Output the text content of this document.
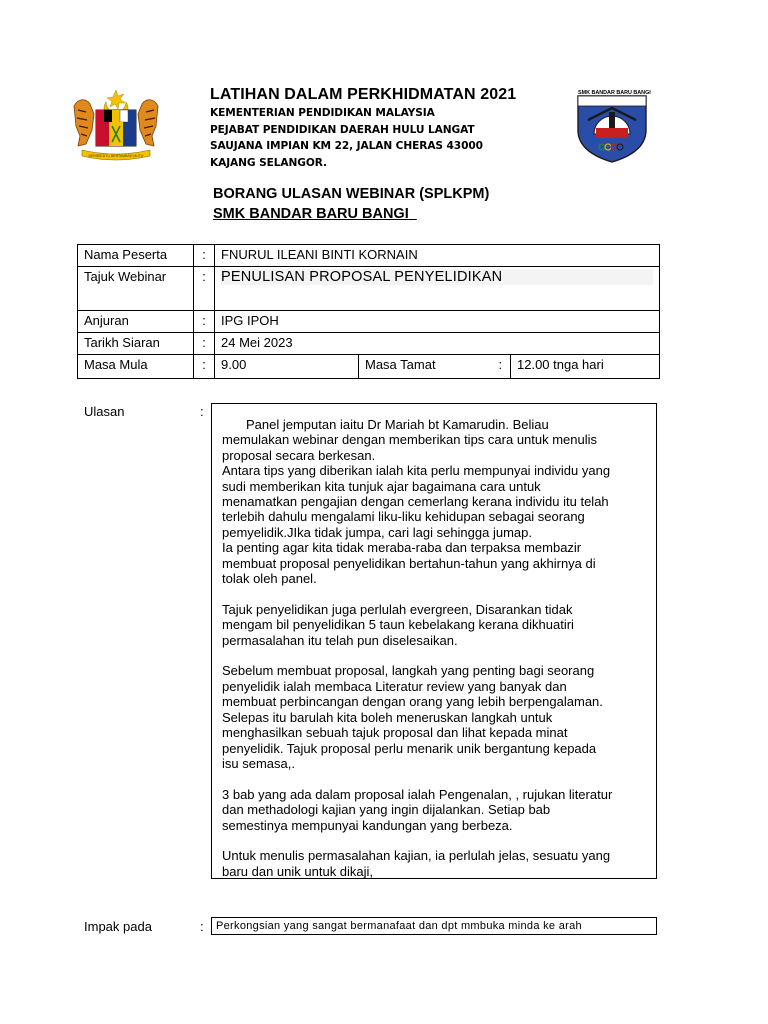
BERSEKUTU BERTAMBAH MUTU
LATIHAN DALAM PERKHIDMATAN 2021
KEMENTERIAN PENDIDIKAN MALAYSIA
PEJABAT PENDIDIKAN DAERAH HULU LANGAT
SAUJANA IMPIAN KM 22, JALAN CHERAS 43000
KAJANG SELANGOR.
SMK BANDAR BARU BANGI
BORANG ULASAN WEBINAR (SPLKPM)
SMK BANDAR BARU BANGI
Nama Peserta	:	FNURUL ILEANI BINTI KORNAIN			
Tajuk Webinar	:	PENULISAN PROPOSAL PENYELIDIKAN			

Anjuran	:	IPG IPOH			
Tarikh Siaran	:	24 Mei 2023			
Masa Mula	:	9.00	Masa Tamat	:	12.00 tnga hari
Ulasan	:

Panel jemputan iaitu Dr Mariah bt Kamarudin. Beliau
memulakan webinar dengan memberikan tips cara untuk menulis
proposal secara berkesan.
Antara tips yang diberikan ialah kita perlu mempunyai individu yang
sudi memberikan kita tunjuk ajar bagaimana cara untuk
menamatkan pengajian dengan cemerlang kerana individu itu telah
terlebih dahulu mengalami liku-liku kehidupan sebagai seorang
pemyelidik.JIka tidak jumpa, cari lagi sehingga jumap.
Ia penting agar kita tidak meraba-raba dan terpaksa membazir
membuat proposal penyelidikan bertahun-tahun yang akhirnya di
tolak oleh panel.

Tajuk penyelidikan juga perlulah evergreen, Disarankan tidak
mengam bil penyelidikan 5 taun kebelakang kerana dikhuatiri
permasalahan itu telah pun diselesaikan.

Sebelum membuat proposal, langkah yang penting bagi seorang
penyelidik ialah membaca Literatur review yang banyak dan
membuat perbincangan dengan orang yang lebih berpengalaman.
Selepas itu barulah kita boleh meneruskan langkah untuk
menghasilkan sebuah tajuk proposal dan lihat kepada minat
penyelidik. Tajuk proposal perlu menarik unik bergantung kepada
isu semasa,.

3 bab yang ada dalam proposal ialah Pengenalan, , rujukan literatur
dan methadologi kajian yang ingin dijalankan. Setiap bab
semestinya mempunyai kandungan yang berbeza.

Untuk menulis permasalahan kajian, ia perlulah jelas, sesuatu yang
baru dan unik untuk dikaji,

Impak pada	:	Perkongsian yang sangat bermanafaat dan dpt mmbuka minda ke arah
